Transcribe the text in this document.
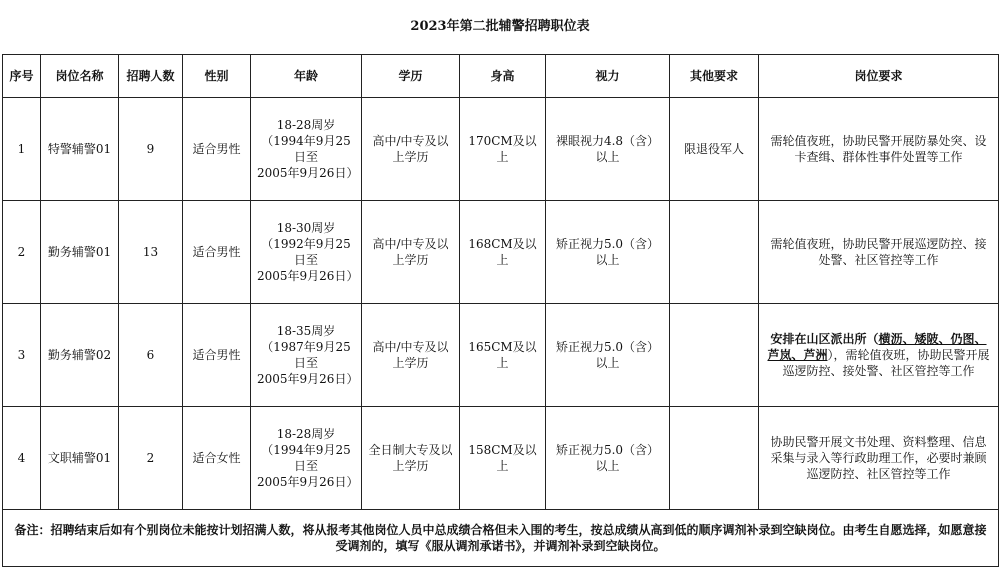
2023年第二批辅警招聘职位表
序号	岗位名称	招聘人数	性别	年龄	学历	身高	视力	其他要求	岗位要求
1	特警辅警01	9	适合男性	18-28周岁
（1994年9月25日至
2005年9月26日）	高中/中专及以上学历	170CM及以上	裸眼视力4.8（含）以上	限退役军人	需轮值夜班，协助民警开展防暴处突、设卡查缉、群体性事件处置等工作
2	勤务辅警01	13	适合男性	18-30周岁
（1992年9月25日至
2005年9月26日）	高中/中专及以上学历	168CM及以上	矫正视力5.0（含）以上		需轮值夜班，协助民警开展巡逻防控、接处警、社区管控等工作
3	勤务辅警02	6	适合男性	18-35周岁
（1987年9月25日至
2005年9月26日）	高中/中专及以上学历	165CM及以上	矫正视力5.0（含）以上		安排在山区派出所（横沥、矮陂、仍图、芦岚、芦洲），需轮值夜班，协助民警开展巡逻防控、接处警、社区管控等工作
4	文职辅警01	2	适合女性	18-28周岁
（1994年9月25日至
2005年9月26日）	全日制大专及以上学历	158CM及以上	矫正视力5.0（含）以上		协助民警开展文书处理、资料整理、信息采集与录入等行政助理工作，必要时兼顾巡逻防控、社区管控等工作
备注：招聘结束后如有个别岗位未能按计划招满人数，将从报考其他岗位人员中总成绩合格但未入围的考生，按总成绩从高到低的顺序调剂补录到空缺岗位。由考生自愿选择，如愿意接受调剂的，填写《服从调剂承诺书》，并调剂补录到空缺岗位。									
